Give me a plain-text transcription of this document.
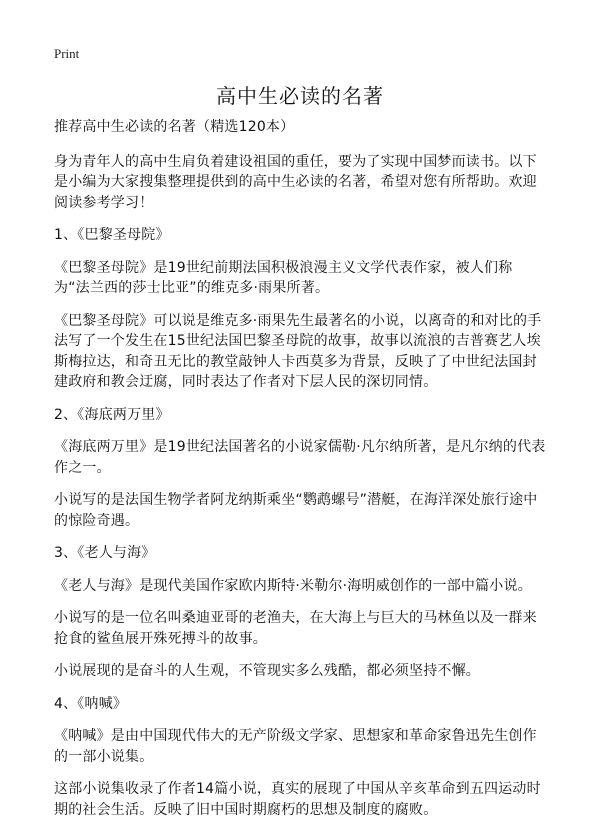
Print
高中生必读的名著

推荐高中生必读的名著（精选120本）

身为青年人的高中生肩负着建设祖国的重任，要为了实现中国梦而读书。以下是小编为大家搜集整理提供到的高中生必读的名著，希望对您有所帮助。欢迎阅读参考学习！

1、《巴黎圣母院》

《巴黎圣母院》是19世纪前期法国积极浪漫主义文学代表作家，被人们称为“法兰西的莎士比亚”的维克多·雨果所著。

《巴黎圣母院》可以说是维克多·雨果先生最著名的小说，以离奇的和对比的手法写了一个发生在15世纪法国巴黎圣母院的故事，故事以流浪的吉普赛艺人埃斯梅拉达，和奇丑无比的教堂敲钟人卡西莫多为背景，反映了了中世纪法国封建政府和教会迂腐，同时表达了作者对下层人民的深切同情。

2、《海底两万里》

《海底两万里》是19世纪法国著名的小说家儒勒·凡尔纳所著，是凡尔纳的代表作之一。

小说写的是法国生物学者阿龙纳斯乘坐“鹦鹉螺号”潜艇，在海洋深处旅行途中的惊险奇遇。

3、《老人与海》

《老人与海》是现代美国作家欧内斯特·米勒尔·海明威创作的一部中篇小说。

小说写的是一位名叫桑迪亚哥的老渔夫，在大海上与巨大的马林鱼以及一群来抢食的鲨鱼展开殊死搏斗的故事。

小说展现的是奋斗的人生观，不管现实多么残酷，都必须坚持不懈。

4、《呐喊》

《呐喊》是由中国现代伟大的无产阶级文学家、思想家和革命家鲁迅先生创作的一部小说集。

这部小说集收录了作者14篇小说，真实的展现了中国从辛亥革命到五四运动时期的社会生活。反映了旧中国时期腐朽的思想及制度的腐败。
